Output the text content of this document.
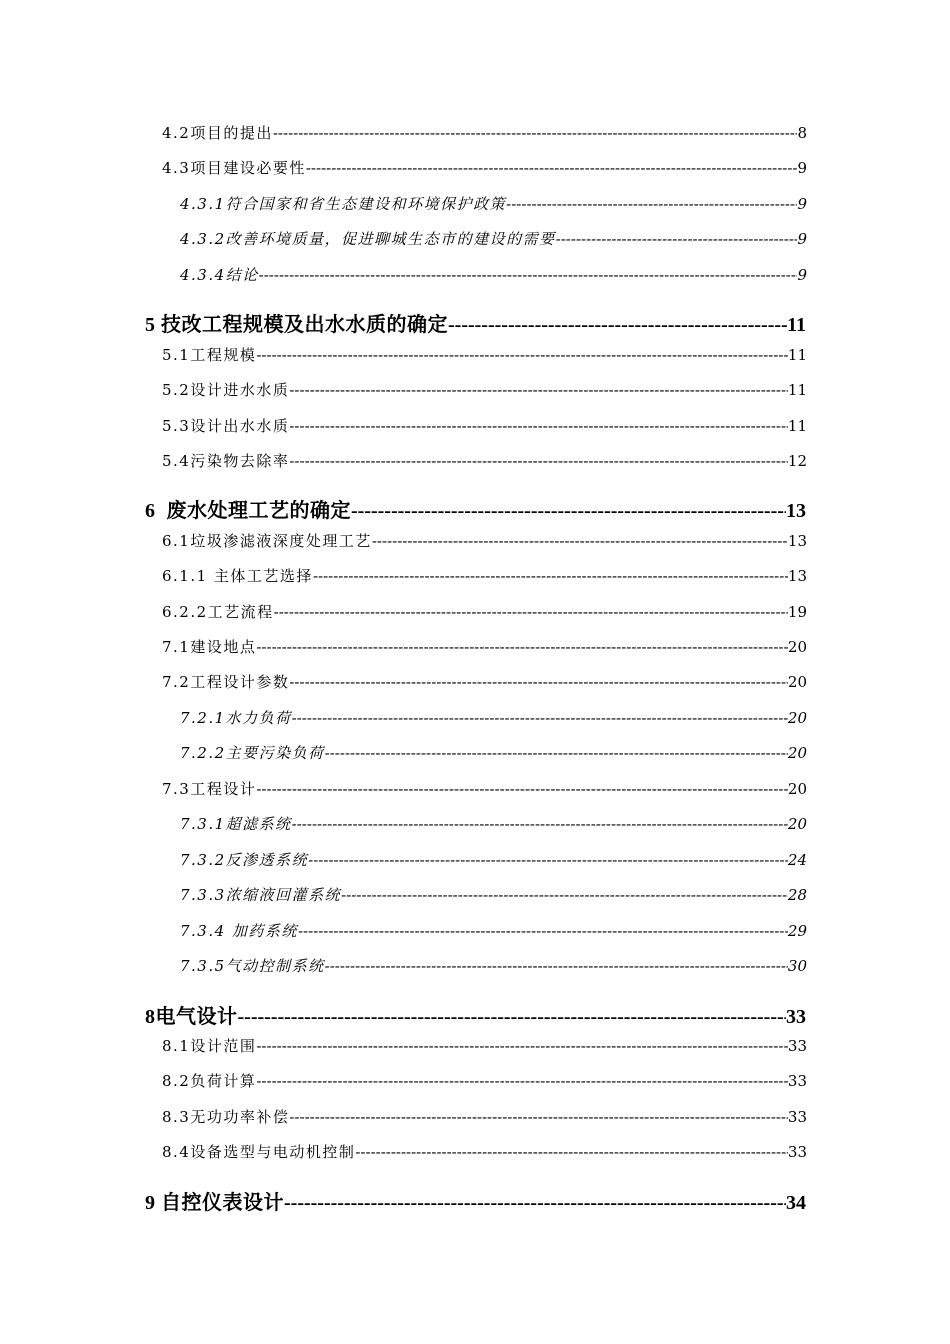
4.2项目的提出 -----	8
4.3项目建设必要性 -----	9
4.3.1符合国家和省生态建设和环境保护政策 -----	9
4.3.2改善环境质量，促进聊城生态市的建设的需要 -----	9
4.3.4结论 -----	9
5 技改工程规模及出水水质的确定 -----	11
5.1工程规模 -----	11
5.2设计进水水质 -----	11
5.3设计出水水质 -----	11
5.4污染物去除率 -----	12
6  废水处理工艺的确定 -----	13
6.1垃圾渗滤液深度处理工艺 -----	13
6.1.1 主体工艺选择 -----	13
6.2.2工艺流程 -----	19
7.1建设地点 -----	20
7.2工程设计参数 -----	20
7.2.1水力负荷 -----	20
7.2.2主要污染负荷 -----	20
7.3工程设计 -----	20
7.3.1超滤系统 -----	20
7.3.2反渗透系统 -----	24
7.3.3浓缩液回灌系统 -----	28
7.3.4 加药系统 -----	29
7.3.5气动控制系统 -----	30
8电气设计 -----	33
8.1设计范围 -----	33
8.2负荷计算 -----	33
8.3无功功率补偿 -----	33
8.4设备选型与电动机控制 -----	33
9 自控仪表设计 -----	34
